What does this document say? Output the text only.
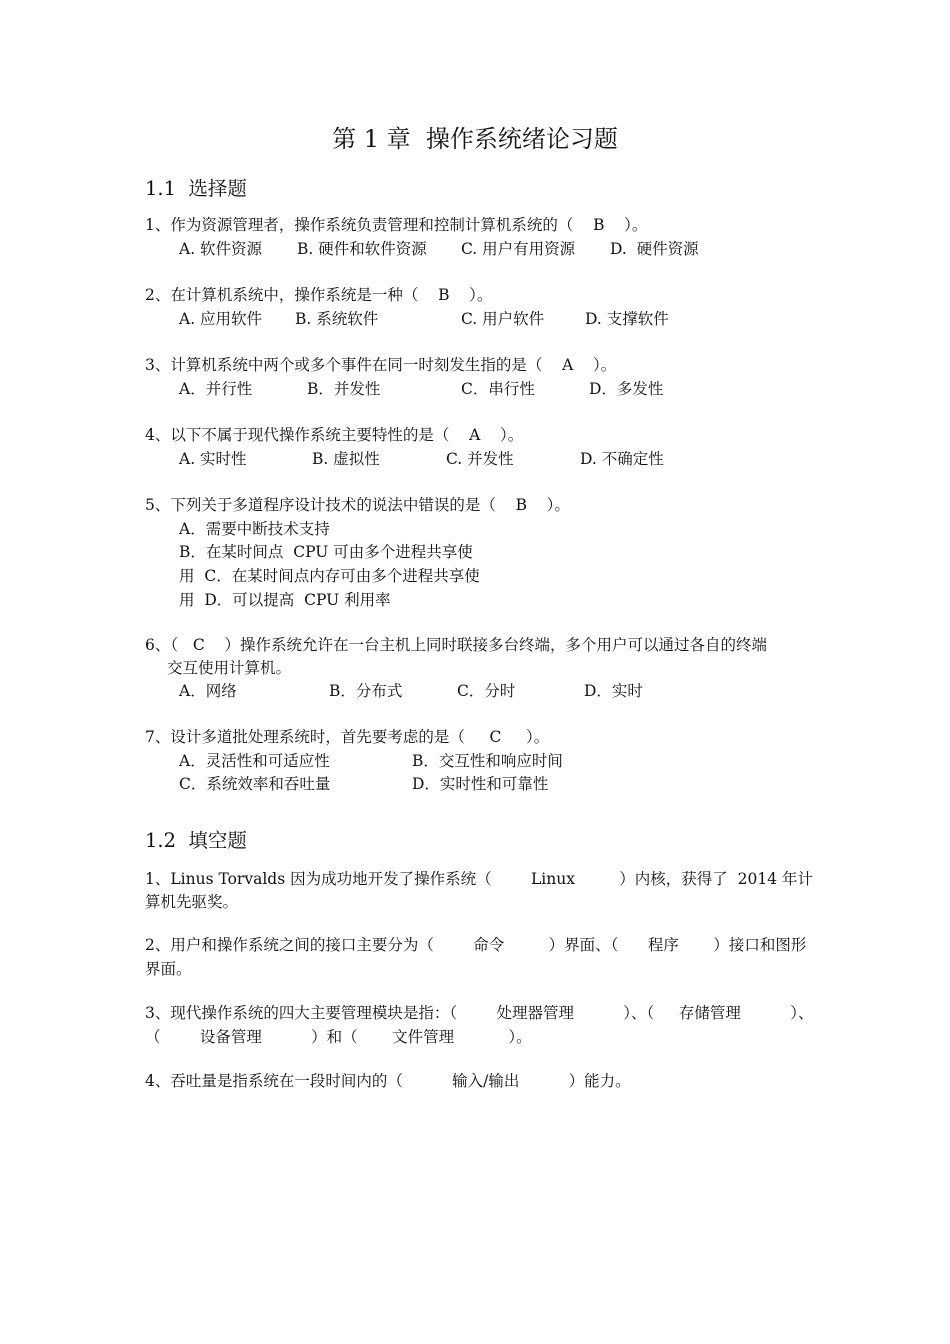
第 1 章  操作系统绪论习题
1.1  选择题
1、作为资源管理者，操作系统负责管理和控制计算机系统的（    B    ）。
A. 软件资源 B. 硬件和软件资源 C. 用户有用资源 D.  硬件资源
2、在计算机系统中，操作系统是一种（    B    ）。
A. 应用软件 B. 系统软件	C. 用户软件	D. 支撑软件
3、计算机系统中两个或多个事件在同一时刻发生指的是（    A    ）。
A．并行性	B．并发性	C．串行性	D．多发性
4、以下不属于现代操作系统主要特性的是（    A    ）。
A. 实时性	B. 虚拟性	C. 并发性	D. 不确定性
5、下列关于多道程序设计技术的说法中错误的是（    B    ）。
A．需要中断技术支持
B．在某时间点  CPU 可由多个进程共享使
用  C．在某时间点内存可由多个进程共享使
用  D．可以提高  CPU 利用率
6、（   C    ）操作系统允许在一台主机上同时联接多台终端，多个用户可以通过各自的终端
交互使用计算机。
A．网络	B．分布式	C．分时	D．实时
7、设计多道批处理系统时，首先要考虑的是（     C     ）。
A．灵活性和可适应性	B．交互性和响应时间
C．系统效率和吞吐量	D．实时性和可靠性
1.2  填空题
1、Linus Torvalds 因为成功地开发了操作系统（        Linux         ）内核，获得了  2014 年计
算机先驱奖。
2、用户和操作系统之间的接口主要分为（        命令         ）界面、（      程序       ）接口和图形
界面。
3、现代操作系统的四大主要管理模块是指：（        处理器管理          ）、（     存储管理          ）、
（        设备管理          ）和（       文件管理           ）。
4、吞吐量是指系统在一段时间内的（          输入/输出          ）能力。
